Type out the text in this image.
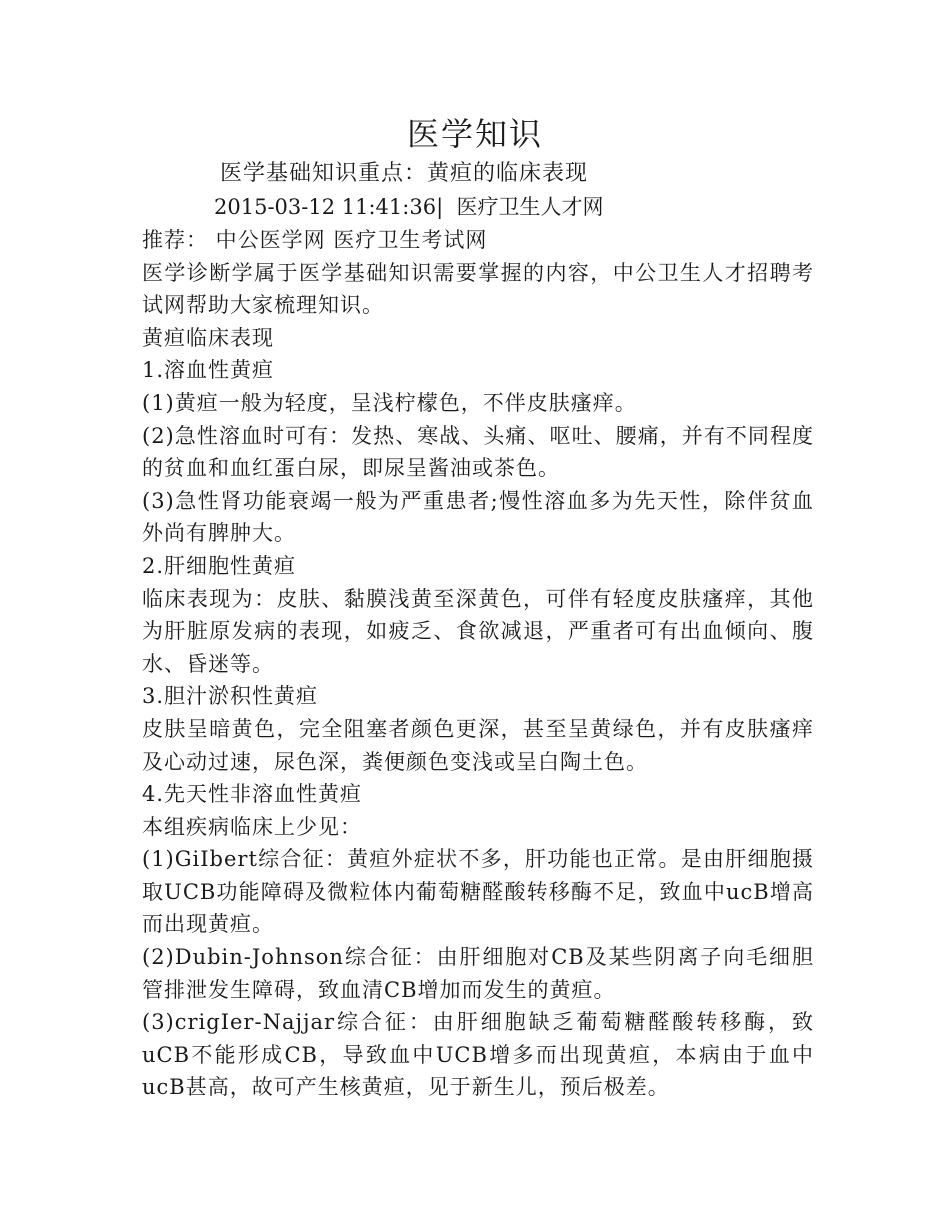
医学知识
医学基础知识重点：黄疸的临床表现

2015-03-12 11:41:36| 医疗卫生人才网

推荐： 中公医学网 医疗卫生考试网

医学诊断学属于医学基础知识需要掌握的内容，中公卫生人才招聘考试网帮助大家梳理知识。

黄疸临床表现

1.溶血性黄疸

(1)黄疸一般为轻度，呈浅柠檬色，不伴皮肤瘙痒。

(2)急性溶血时可有：发热、寒战、头痛、呕吐、腰痛，并有不同程度的贫血和血红蛋白尿，即尿呈酱油或茶色。

(3)急性肾功能衰竭一般为严重患者;慢性溶血多为先天性，除伴贫血外尚有脾肿大。

2.肝细胞性黄疸

临床表现为：皮肤、黏膜浅黄至深黄色，可伴有轻度皮肤瘙痒，其他为肝脏原发病的表现，如疲乏、食欲减退，严重者可有出血倾向、腹水、昏迷等。

3.胆汁淤积性黄疸

皮肤呈暗黄色，完全阻塞者颜色更深，甚至呈黄绿色，并有皮肤瘙痒及心动过速，尿色深，粪便颜色变浅或呈白陶土色。

4.先天性非溶血性黄疸

本组疾病临床上少见：

(1)GiIbert综合征：黄疸外症状不多，肝功能也正常。是由肝细胞摄取UCB功能障碍及微粒体内葡萄糖醛酸转移酶不足，致血中ucB增高而出现黄疸。

(2)Dubin-Johnson综合征：由肝细胞对CB及某些阴离子向毛细胆管排泄发生障碍，致血清CB增加而发生的黄疸。

(3)crigIer-Najjar综合征：由肝细胞缺乏葡萄糖醛酸转移酶，致uCB不能形成CB，导致血中UCB增多而出现黄疸，本病由于血中ucB甚高，故可产生核黄疸，见于新生儿，预后极差。
